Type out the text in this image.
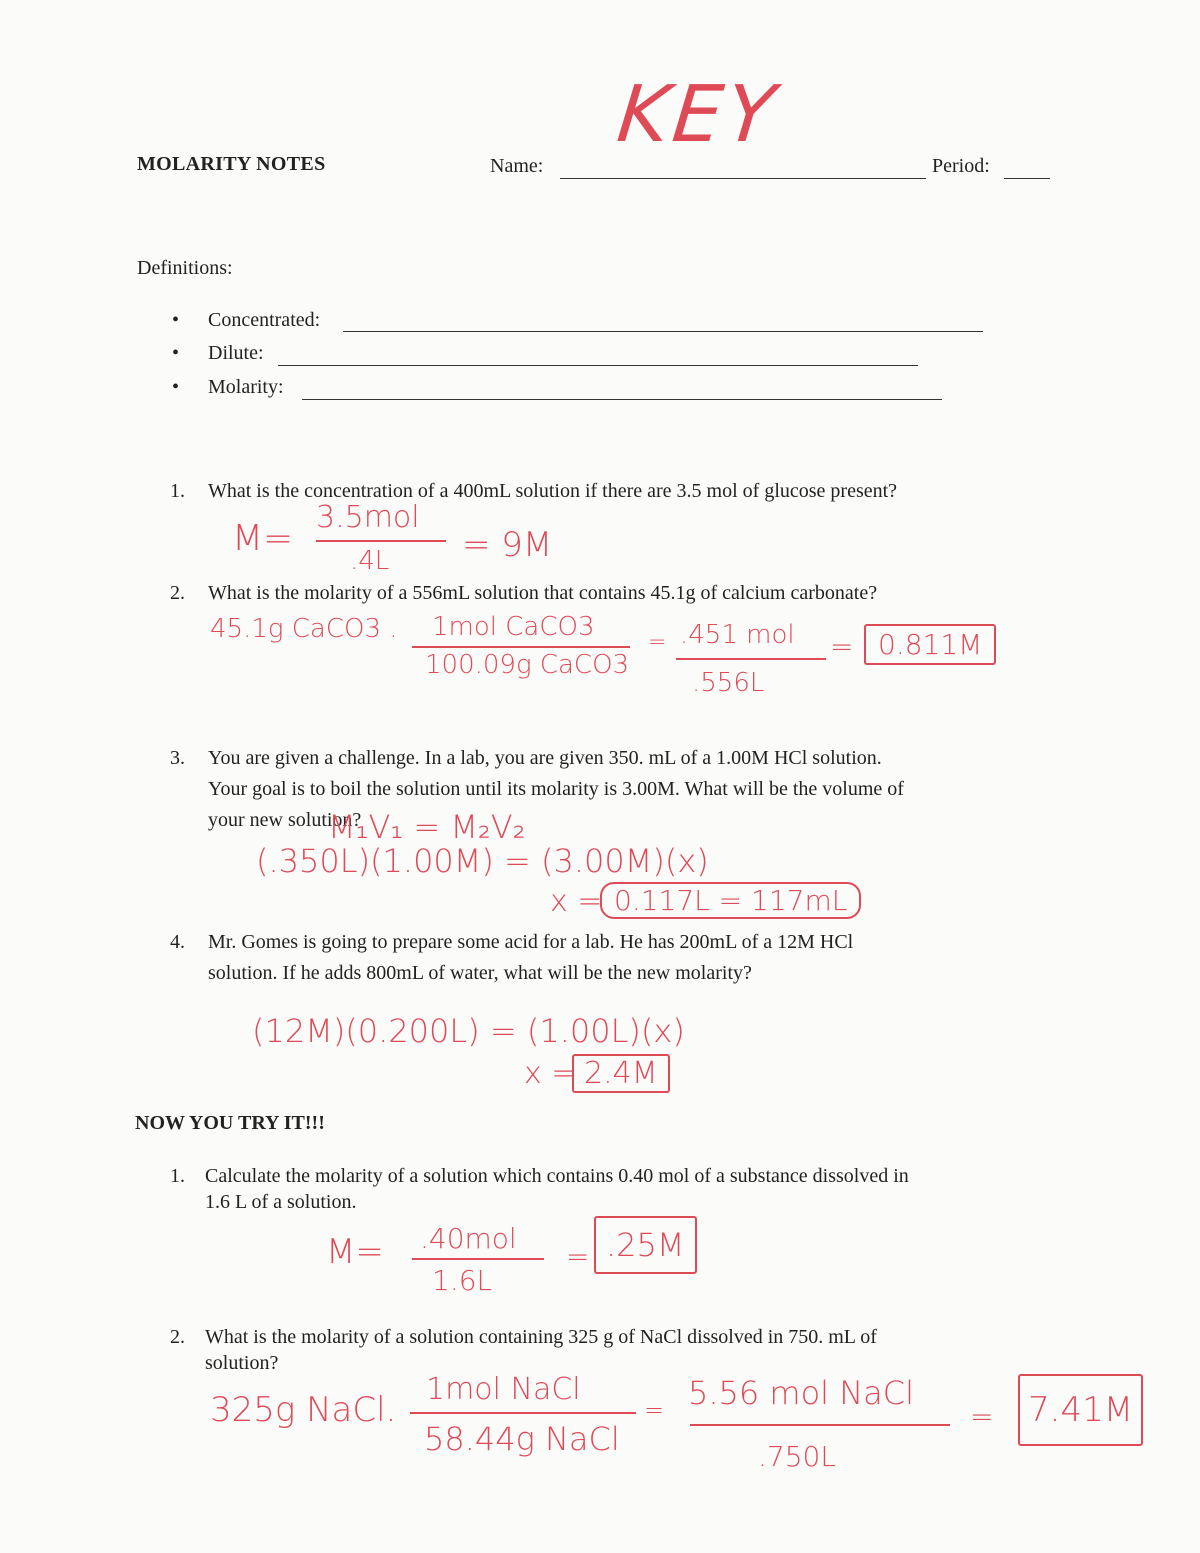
MOLARITY NOTES	Name:	Period:
KEY
Definitions:
• Concentrated:
• Dilute:
• Molarity:
1. What is the concentration of a 400mL solution if there are 3.5 mol of glucose present?
M=
3.5mol
.4L = 9M
2. What is the molarity of a 556mL solution that contains 45.1g of calcium carbonate?
45.1g CaCO3 . 1mol CaCO3
100.09g CaCO3
= .451 mol
.556L
= 0.811M
3. You are given a challenge. In a lab, you are given 350. mL of a 1.00M HCl solution.
Your goal is to boil the solution until its molarity is 3.00M. What will be the volume of
your new solution?
M₁V₁ = M₂V₂
(.350L)(1.00M) = (3.00M)(x)
x = 0.117L = 117mL
4. Mr. Gomes is going to prepare some acid for a lab. He has 200mL of a 12M HCl
solution. If he adds 800mL of water, what will be the new molarity?
(12M)(0.200L) = (1.00L)(x)
x = 2.4M
NOW YOU TRY IT!!!
1. Calculate the molarity of a solution which contains 0.40 mol of a substance dissolved in
1.6 L of a solution.
M= .40mol
1.6L
= .25M
2. What is the molarity of a solution containing 325 g of NaCl dissolved in 750. mL of
solution?
325g NaCl.
1mol NaCl
58.44g NaCl
= 5.56 mol NaCl
.750L
= 7.41M
